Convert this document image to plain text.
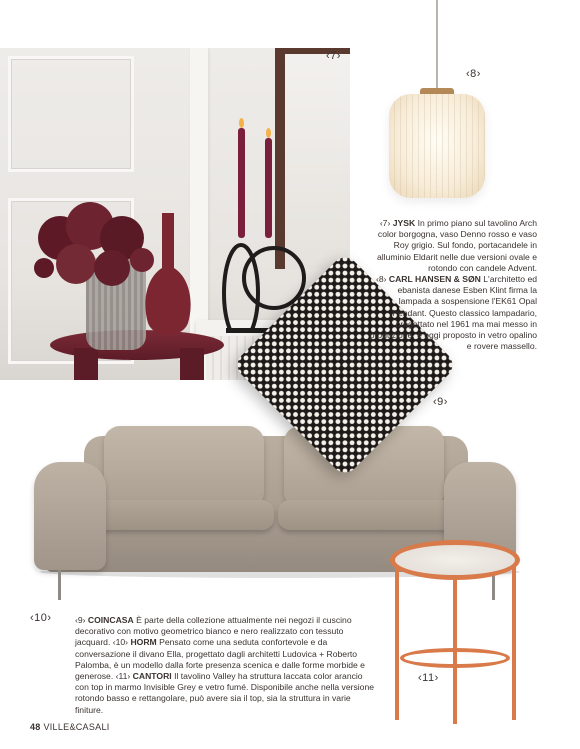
‹7›
‹8›
‹9›
‹10›
‹11›

‹7› JYSK In primo piano sul tavolino Arch color borgogna, vaso Denno rosso e vaso Roy grigio. Sul fondo, portacandele in alluminio Eldarit nelle due versioni ovale e rotondo con candele Advent.

‹8› CARL HANSEN & SØN L'architetto ed ebanista danese Esben Klint firma la lampada a sospensione l'EK61 Opal Pendant. Questo classico lampadario, progettato nel 1961 ma mai messo in produzione, è oggi proposto in vetro opalino e rovere massello.

‹9› COINCASA È parte della collezione attualmente nei negozi il cuscino decorativo con motivo geometrico bianco e nero realizzato con tessuto jacquard. ‹10› HORM Pensato come una seduta confortevole e da conversazione il divano Ella, progettato dagli architetti Ludovica + Roberto Palomba, è un modello dalla forte presenza scenica e dalle forme morbide e generose. ‹11› CANTORI Il tavolino Valley ha struttura laccata color arancio con top in marmo Invisible Grey e vetro fumé. Disponibile anche nella versione rotondo basso e rettangolare, può avere sia il top, sia la struttura in varie finiture.

48 VILLE&CASALI
